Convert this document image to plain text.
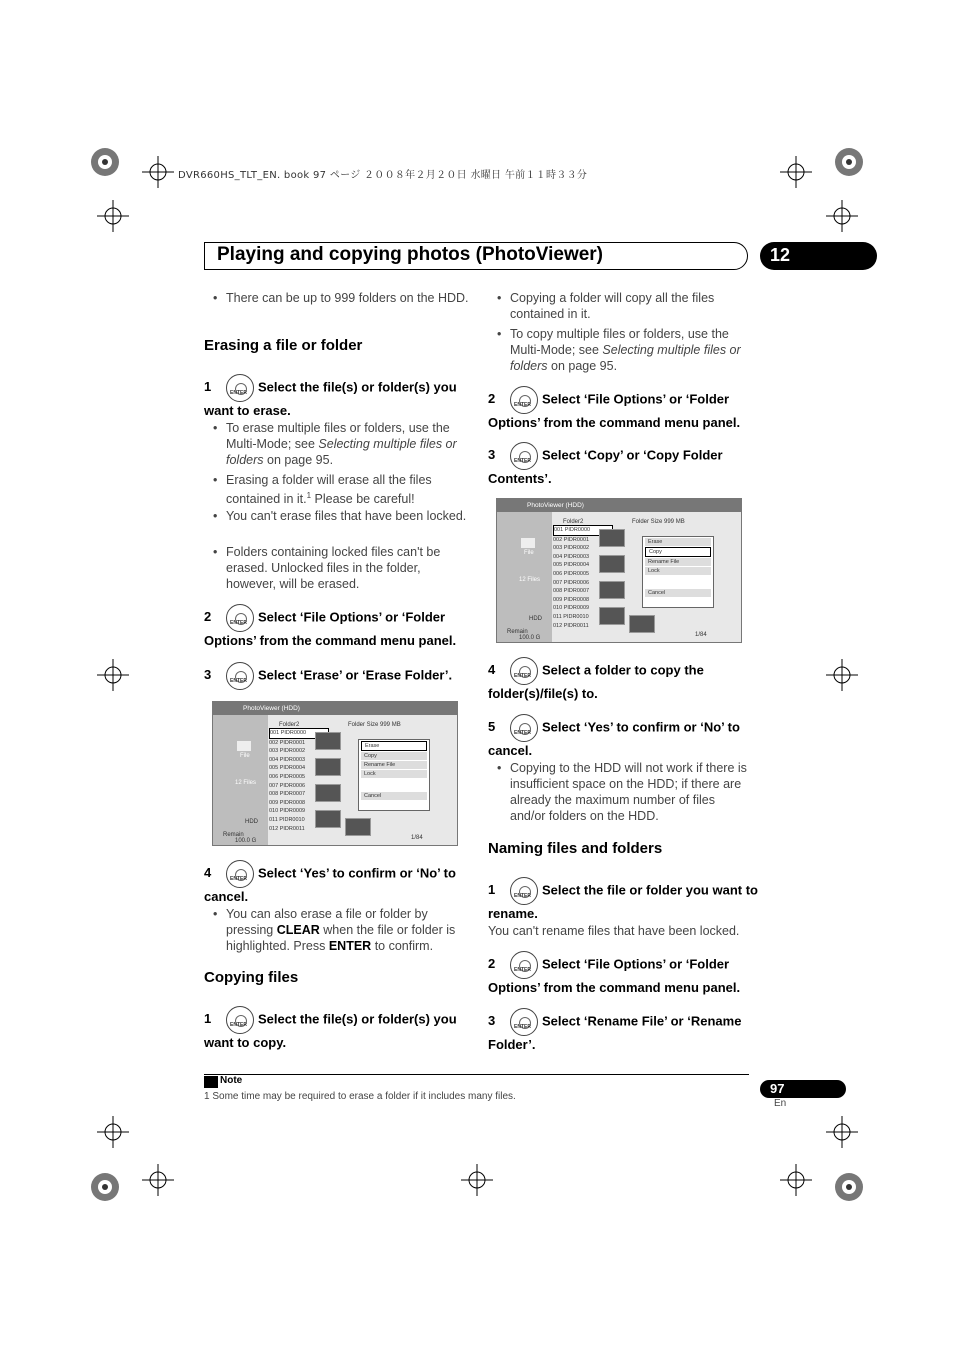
DVR660HS_TLT_EN. book 97 ページ ２００８年２月２０日 水曜日 午前１１時３３分
Playing and copying photos (PhotoViewer)	12
• There can be up to 999 folders on the HDD.
Erasing a file or folder
1 ENTER	Select the file(s) or folder(s) you want to erase.
• To erase multiple files or folders, use the Multi-Mode; see Selecting multiple files or folders on page 95.
• Erasing a folder will erase all the files contained in it.$^1$ Please be careful!
• You can't erase files that have been locked.
• Folders containing locked files can't be erased. Unlocked files in the folder, however, will be erased.
2 ENTER	Select ‘File Options’ or ‘Folder Options’ from the command menu panel.
3 ENTER	Select ‘Erase’ or ‘Erase Folder’.
PhotoViewer (HDD)
File
12 Files
HDD
Remain
100.0 G
Folder2	Folder Size 999 MB
001 PIDR0000
002 PIDR0001
003 PIDR0002
004 PIDR0003
005 PIDR0004
006 PIDR0005
007 PIDR0006
008 PIDR0007
009 PIDR0008
010 PIDR0009
011 PIDR0010
012 PIDR0011
Erase
Copy
Rename File
Lock
Cancel
1/84
4 ENTER	Select ‘Yes’ to confirm or ‘No’ to cancel.
• You can also erase a file or folder by pressing CLEAR when the file or folder is highlighted. Press ENTER to confirm.
Copying files
1 ENTER	Select the file(s) or folder(s) you want to copy.
• Copying a folder will copy all the files contained in it.
• To copy multiple files or folders, use the Multi-Mode; see Selecting multiple files or folders on page 95.
2 ENTER	Select ‘File Options’ or ‘Folder Options’ from the command menu panel.
3 ENTER	Select ‘Copy’ or ‘Copy Folder Contents’.
PhotoViewer (HDD)
File
12 Files
HDD
Remain
100.0 G
Folder2	Folder Size 999 MB
001 PIDR0000
002 PIDR0001
003 PIDR0002
004 PIDR0003
005 PIDR0004
006 PIDR0005
007 PIDR0006
008 PIDR0007
009 PIDR0008
010 PIDR0009
011 PIDR0010
012 PIDR0011
Erase
Copy
Rename File
Lock
Cancel
1/84
4 ENTER	Select a folder to copy the folder(s)/file(s) to.
5 ENTER	Select ‘Yes’ to confirm or ‘No’ to cancel.
• Copying to the HDD will not work if there is insufficient space on the HDD; if there are already the maximum number of files and/or folders on the HDD.
Naming files and folders
1 ENTER	Select the file or folder you want to rename.
You can't rename files that have been locked.
2 ENTER	Select ‘File Options’ or ‘Folder Options’ from the command menu panel.
3 ENTER	Select ‘Rename File’ or ‘Rename Folder’.
Note
1 Some time may be required to erase a folder if it includes many files.
97
En
